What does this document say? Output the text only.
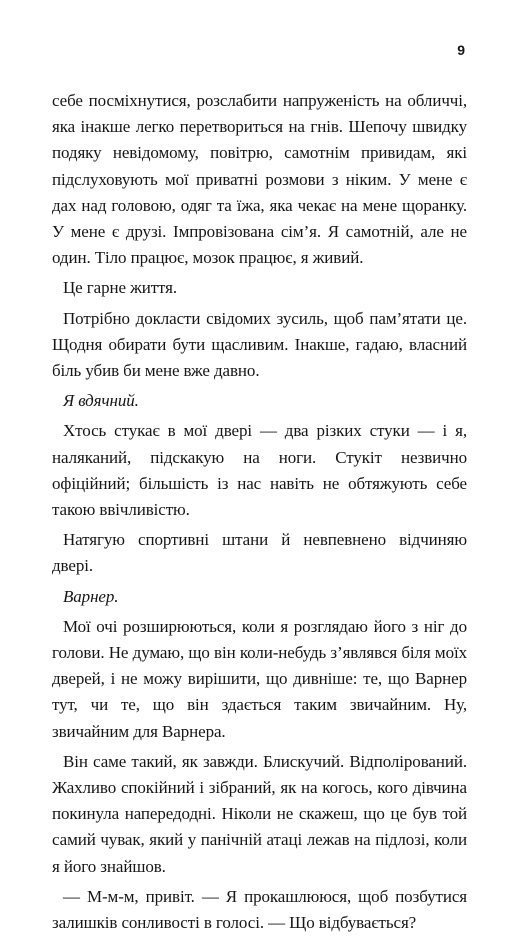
9

себе посміхнутися, розслабити напруженість на обличчі, яка інакше легко перетвориться на гнів. Шепочу швидку подяку невідомому, повітрю, самотнім привидам, які підслуховують мої приватні розмови з ніким. У мене є дах над головою, одяг та їжа, яка чекає на мене щоранку. У мене є друзі. Імпровізована сім’я. Я самотній, але не один. Тіло працює, мозок працює, я живий.

Це гарне життя.

Потрібно докласти свідомих зусиль, щоб пам’ятати це. Щодня обирати бути щасливим. Інакше, гадаю, власний біль убив би мене вже давно.

Я вдячний.

Хтось стукає в мої двері — два різких стуки — і я, наляканий, підскакую на ноги. Стукіт незвично офіційний; більшість із нас навіть не обтяжують себе такою ввічливістю.

Натягую спортивні штани й невпевнено відчиняю двері.

Варнер.

Мої очі розширюються, коли я розглядаю його з ніг до голови. Не думаю, що він коли-небудь з’являвся біля моїх дверей, і не можу вирішити, що дивніше: те, що Варнер тут, чи те, що він здається таким звичайним. Ну, звичайним для Варнера.

Він саме такий, як завжди. Блискучий. Відполірований. Жахливо спокійний і зібраний, як на когось, кого дівчина покинула напередодні. Ніколи не скажеш, що це був той самий чувак, який у панічній атаці лежав на підлозі, коли я його знайшов.

— М-м-м, привіт. — Я прокашлююся, щоб позбутися залишків сонливості в голосі. — Що відбувається?
